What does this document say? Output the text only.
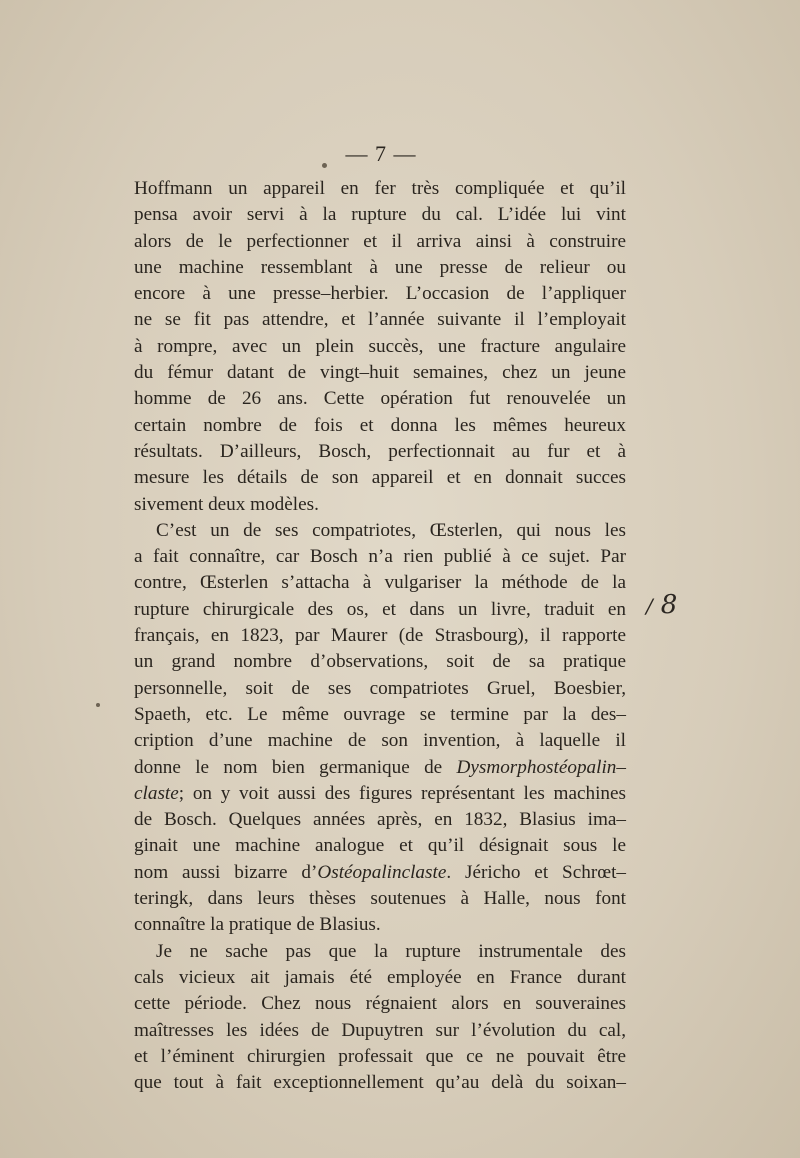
— 7 —
/ 8
Hoffmann un appareil en fer très compliquée et qu’il
pensa avoir servi à la rupture du cal. L’idée lui vint
alors de le perfectionner et il arriva ainsi à construire
une machine ressemblant à une presse de relieur ou
encore à une presse–herbier. L’occasion de l’appliquer
ne se fit pas attendre, et l’année suivante il l’employait
à rompre, avec un plein succès, une fracture angulaire
du fémur datant de vingt–huit semaines, chez un jeune
homme de 26 ans. Cette opération fut renouvelée un
certain nombre de fois et donna les mêmes heureux
résultats. D’ailleurs, Bosch, perfectionnait au fur et à
mesure les détails de son appareil et en donnait succes
sivement deux modèles.
C’est un de ses compatriotes, Œsterlen, qui nous les
a fait connaître, car Bosch n’a rien publié à ce sujet. Par
contre, Œsterlen s’attacha à vulgariser la méthode de la
rupture chirurgicale des os, et dans un livre, traduit en
français, en 1823, par Maurer (de Strasbourg), il rapporte
un grand nombre d’observations, soit de sa pratique
personnelle, soit de ses compatriotes Gruel, Boesbier,
Spaeth, etc. Le même ouvrage se termine par la des–
cription d’une machine de son invention, à laquelle il
donne le nom bien germanique de Dysmorphostéopalin–
claste; on y voit aussi des figures représentant les machines
de Bosch. Quelques années après, en 1832, Blasius ima–
ginait une machine analogue et qu’il désignait sous le
nom aussi bizarre d’Ostéopalinclaste. Jéricho et Schrœt–
teringk, dans leurs thèses soutenues à Halle, nous font
connaître la pratique de Blasius.
Je ne sache pas que la rupture instrumentale des
cals vicieux ait jamais été employée en France durant
cette période. Chez nous régnaient alors en souveraines
maîtresses les idées de Dupuytren sur l’évolution du cal,
et l’éminent chirurgien professait que ce ne pouvait être
que tout à fait exceptionnellement qu’au delà du soixan–
